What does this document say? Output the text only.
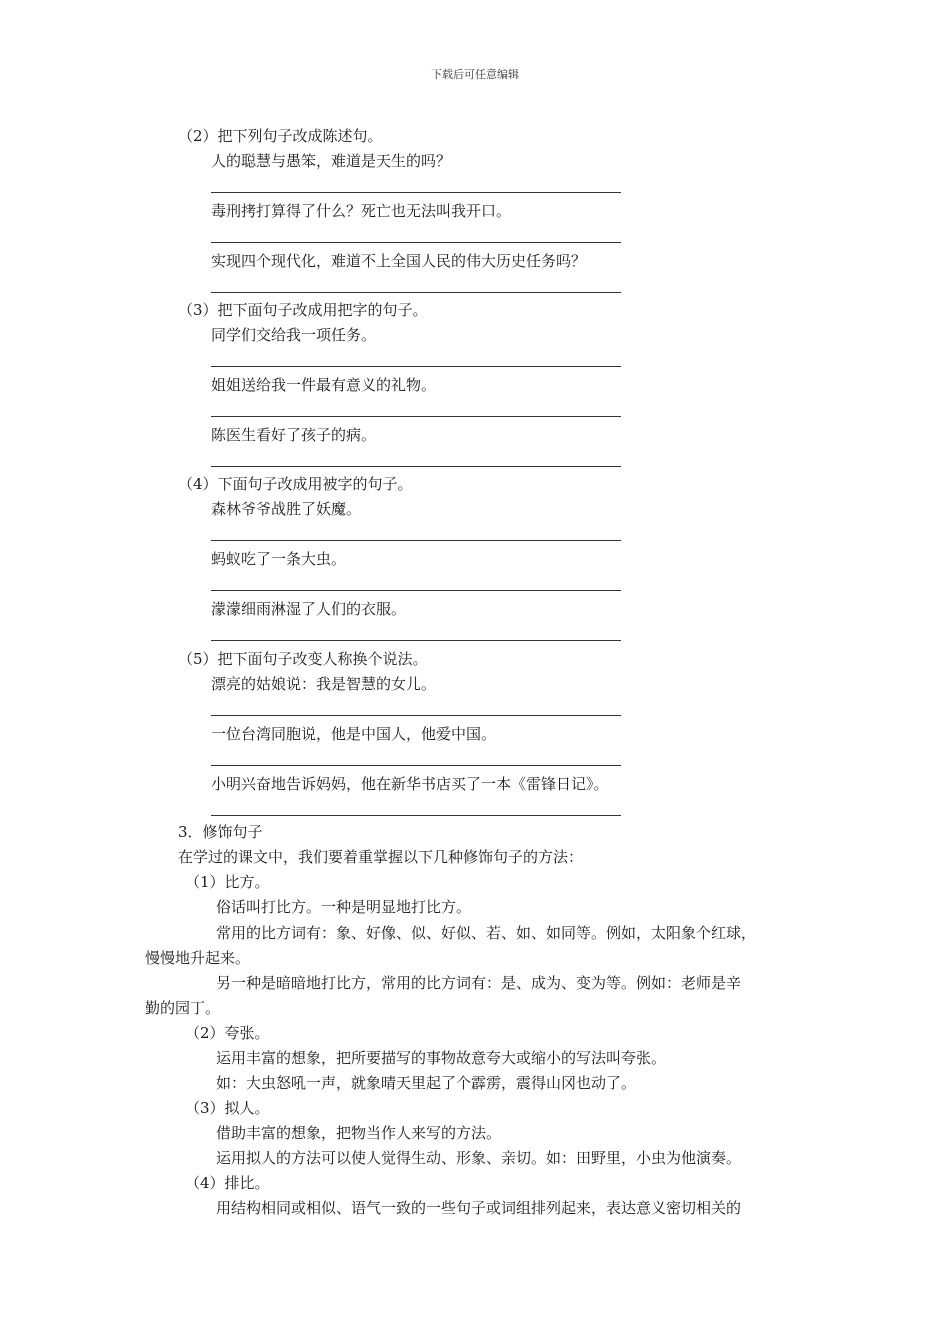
下载后可任意编辑
（2）把下列句子改成陈述句。
人的聪慧与愚笨，难道是天生的吗？
毒刑拷打算得了什么？死亡也无法叫我开口。
实现四个现代化，难道不上全国人民的伟大历史任务吗？
（3）把下面句子改成用把字的句子。
同学们交给我一项任务。
姐姐送给我一件最有意义的礼物。
陈医生看好了孩子的病。
（4）下面句子改成用被字的句子。
森林爷爷战胜了妖魔。
蚂蚁吃了一条大虫。
濛濛细雨淋湿了人们的衣服。
（5）把下面句子改变人称换个说法。
漂亮的姑娘说：我是智慧的女儿。
一位台湾同胞说，他是中国人，他爱中国。
小明兴奋地告诉妈妈，他在新华书店买了一本《雷锋日记》。
3．修饰句子
在学过的课文中，我们要着重掌握以下几种修饰句子的方法：
（1）比方。
俗话叫打比方。一种是明显地打比方。
常用的比方词有：象、好像、似、好似、若、如、如同等。例如，太阳象个红球，
慢慢地升起来。
另一种是暗暗地打比方，常用的比方词有：是、成为、变为等。例如：老师是辛
勤的园丁。
（2）夸张。
运用丰富的想象，把所要描写的事物故意夸大或缩小的写法叫夸张。
如：大虫怒吼一声，就象晴天里起了个霹雳，震得山冈也动了。
（3）拟人。
借助丰富的想象，把物当作人来写的方法。
运用拟人的方法可以使人觉得生动、形象、亲切。如：田野里，小虫为他演奏。
（4）排比。
用结构相同或相似、语气一致的一些句子或词组排列起来，表达意义密切相关的
